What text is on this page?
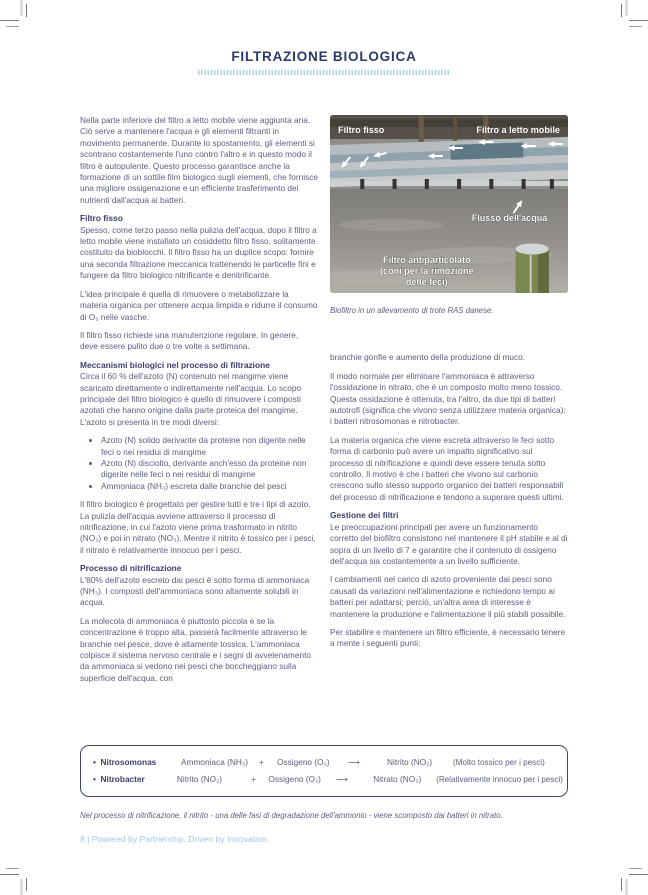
FILTRAZIONE BIOLOGICA

Nella parte inferiore del filtro a letto mobile viene aggiunta aria. Ciò serve a mantenere l'acqua e gli elementi filtranti in movimento permanente. Durante lo spostamento, gli elementi si scontrano costantemente l'uno contro l'altro e in questo modo il filtro è autopulente. Questo processo garantisce anche la formazione di un sottile film biologico sugli elementi, che fornisce una migliore ossigenazione e un efficiente trasferimento dei nutrienti dall'acqua ai batteri.

Filtro fisso

Spesso, come terzo passo nella pulizia dell'acqua, dopo il filtro a letto mobile viene installato un cosiddetto filtro fisso, solitamente costituito da bioblocchi. Il filtro fisso ha un duplice scopo: fornire una seconda filtrazione meccanica trattenendo le particelle fini e fungere da filtro biologico nitrificante e denitrificante.

L'idea principale è quella di rimuovere o metabolizzare la materia organica per ottenere acqua limpida e ridurre il consumo di O₂ nelle vasche.

Il filtro fisso richiede una manutenzione regolare. In genere, deve essere pulito due o tre volte a settimana.

Meccanismi biologici nel processo di filtrazione

Circa il 60 % dell'azoto (N) contenuto nel mangime viene scaricato direttamente o indirettamente nell'acqua. Lo scopo principale del filtro biologico è quello di rimuovere i composti azotati che hanno origine dalla parte proteica del mangime. L'azoto si presenta in tre modi diversi:

• Azoto (N) solido derivante da proteine non digerite nelle feci o nei residui di mangime
• Azoto (N) disciolto, derivante anch'esso da proteine non digerite nelle feci o nei residui di mangime
• Ammoniaca (NH₃) escreta dalle branchie dei pesci

Il filtro biologico è progettato per gestire tutti e tre i tipi di azoto. La pulizia dell'acqua avviene attraverso il processo di nitrificazione, in cui l'azoto viene prima trasformato in nitrito (NO₂) e poi in nitrato (NO₃). Mentre il nitrito è tossico per i pesci, il nitrato è relativamente innocuo per i pesci.

Processo di nitrificazione

L'80% dell'azoto escreto dai pesci è sotto forma di ammoniaca (NH₃). I composti dell'ammoniaca sono altamente solubili in acqua.

La molecola di ammoniaca è piuttosto piccola e se la concentrazione è troppo alta, passerà facilmente attraverso le branchie nel pesce, dove è altamente tossica. L'ammoniaca colpisce il sistema nervoso centrale e i segni di avvelenamento da ammoniaca si vedono nei pesci che boccheggiano sulla superficie dell'acqua, con

Filtro fisso	Filtro a letto mobile
Flusso dell'acqua
Filtro antiparticolato
(coni per la rimozione
delle feci)

Biofiltro in un allevamento di trote RAS danese.

branchie gonfie e aumento della produzione di muco.

Il modo normale per eliminare l'ammoniaca è attraverso l'ossidazione in nitrato, che è un composto molto meno tossico. Questa ossidazione è ottenuta, tra l'altro, da due tipi di batteri autotrofi (significa che vivono senza utilizzare materia organica): i batteri nitrosomonas e nitrobacter.

La materia organica che viene escreta attraverso le feci sotto forma di carbonio può avere un impatto significativo sul processo di nitrificazione e quindi deve essere tenuta sotto controllo. Il motivo è che i batteri che vivono sul carbonio crescono sullo stesso supporto organico dei batteri responsabili del processo di nitrificazione e tendono a superare questi ultimi.

Gestione dei filtri

Le preoccupazioni principali per avere un funzionamento corretto del biofiltro consistono nel mantenere il pH stabile e al di sopra di un livello di 7 e garantire che il contenuto di ossigeno dell'acqua sia costantemente a un livello sufficiente.

I cambiamenti nel carico di azoto proveniente dai pesci sono causati da variazioni nell'alimentazione e richiedono tempo ai batteri per adattarsi; perciò, un'altra area di interesse è mantenere la produzione e l'alimentazione il più stabili possibile.

Per stabilire e mantenere un filtro efficiente, è necessario tenere a mente i seguenti punti:

•  Nitrosomonas	Ammoniaca (NH₃)	+	Ossigeno (O₂)	⟶	Nitrito (NO₂)	(Molto tossico per i pesci)
•  Nitrobacter	Nitrito (NO₂)	+	Ossigeno (O₂)	⟶	Nitrato (NO₃)	(Relativamente innocuo per i pesci)

Nel processo di nitrificazione, il nitrito - una delle fasi di degradazione dell'ammonio - viene scomposto dai batteri in nitrato.

8 | Powered by Partnership. Driven by Innovation.
